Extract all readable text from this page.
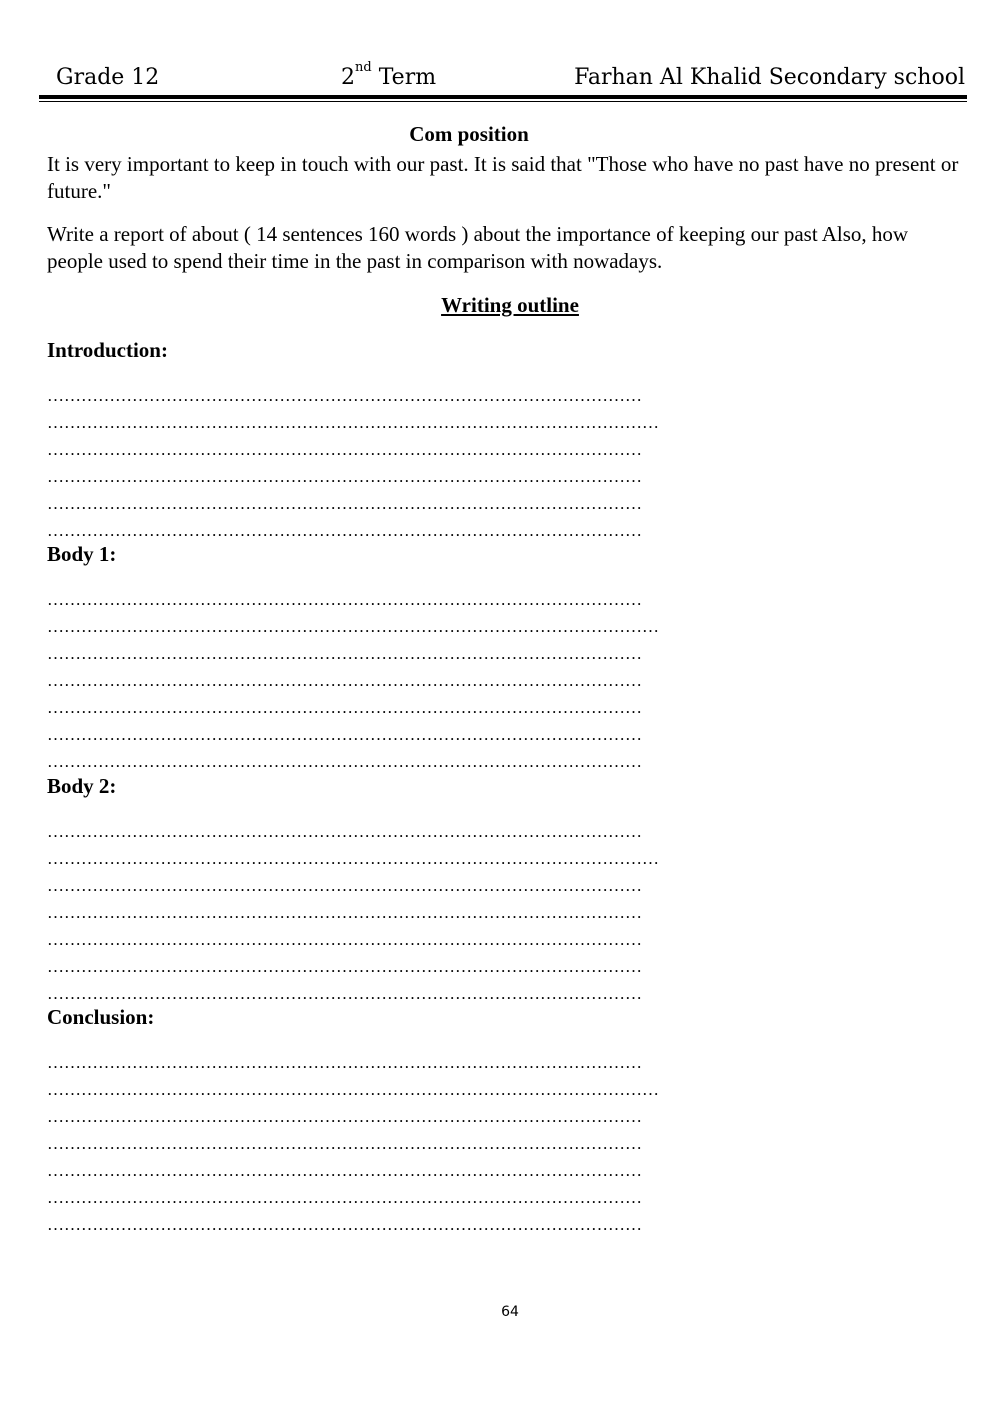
Grade 12	2nd Term	Farhan Al Khalid Secondary school
Com position
It is very important to keep in touch with our past. It is said that "Those who have no past have no present or future."
Write a report of about ( 14 sentences 160 words ) about the importance of keeping our past Also, how people used to spend their time in the past in comparison with nowadays.
Writing outline
Introduction:
……………………………………………………………………………………………
………………………………………………………………………………………………
……………………………………………………………………………………………
……………………………………………………………………………………………
……………………………………………………………………………………………
……………………………………………………………………………………………
Body 1:
……………………………………………………………………………………………
………………………………………………………………………………………………
……………………………………………………………………………………………
……………………………………………………………………………………………
……………………………………………………………………………………………
……………………………………………………………………………………………
……………………………………………………………………………………………
Body 2:
……………………………………………………………………………………………
………………………………………………………………………………………………
……………………………………………………………………………………………
……………………………………………………………………………………………
……………………………………………………………………………………………
……………………………………………………………………………………………
……………………………………………………………………………………………
Conclusion:
……………………………………………………………………………………………
………………………………………………………………………………………………
……………………………………………………………………………………………
……………………………………………………………………………………………
……………………………………………………………………………………………
……………………………………………………………………………………………
……………………………………………………………………………………………
64
